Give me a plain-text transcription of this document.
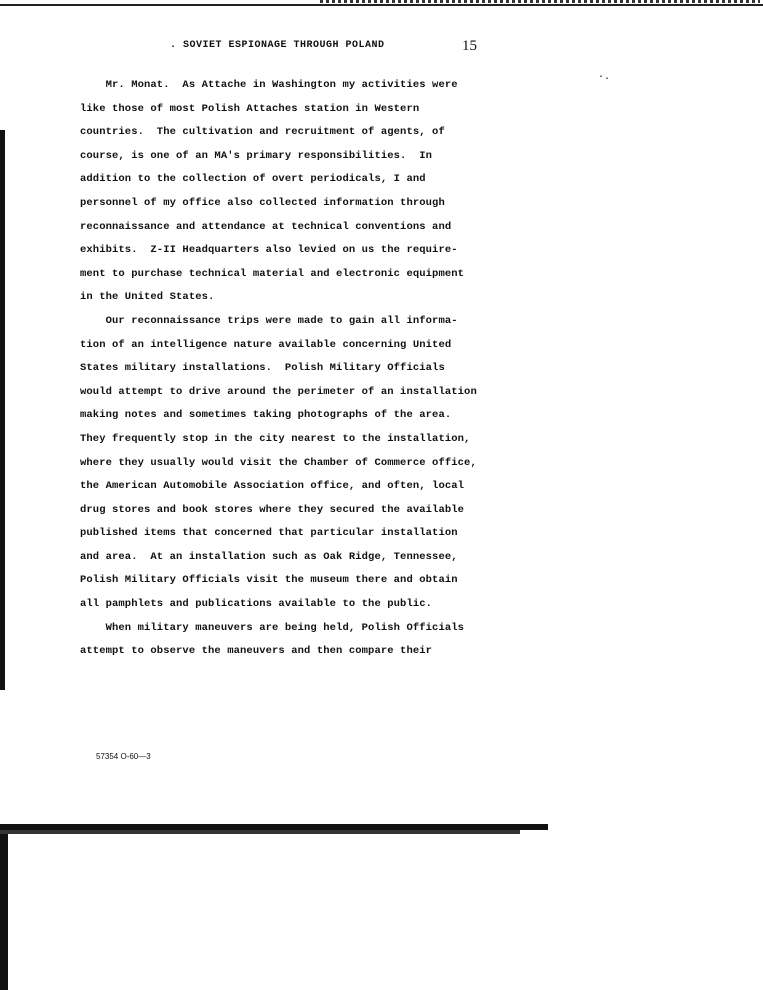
·.
. SOVIET ESPIONAGE THROUGH POLAND	15
Mr. Monat.  As Attache in Washington my activities were
like those of most Polish Attaches station in Western
countries.  The cultivation and recruitment of agents, of
course, is one of an MA's primary responsibilities.  In
addition to the collection of overt periodicals, I and
personnel of my office also collected information through
reconnaissance and attendance at technical conventions and
exhibits.  Z-II Headquarters also levied on us the require-
ment to purchase technical material and electronic equipment
in the United States.
Our reconnaissance trips were made to gain all informa-
tion of an intelligence nature available concerning United
States military installations.  Polish Military Officials
would attempt to drive around the perimeter of an installation
making notes and sometimes taking photographs of the area.
They frequently stop in the city nearest to the installation,
where they usually would visit the Chamber of Commerce office,
the American Automobile Association office, and often, local
drug stores and book stores where they secured the available
published items that concerned that particular installation
and area.  At an installation such as Oak Ridge, Tennessee,
Polish Military Officials visit the museum there and obtain
all pamphlets and publications available to the public.
When military maneuvers are being held, Polish Officials
attempt to observe the maneuvers and then compare their
57354 O-60—3
